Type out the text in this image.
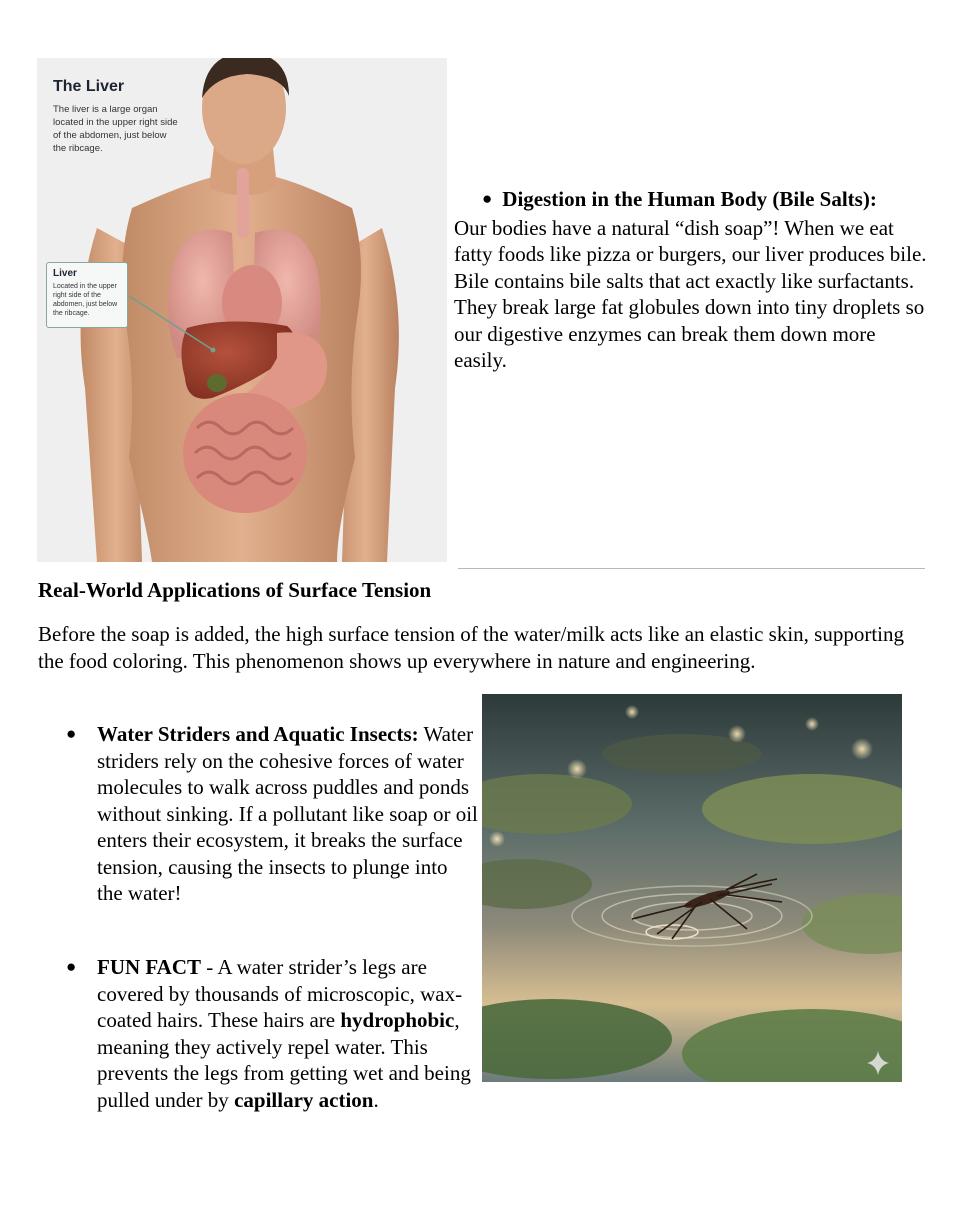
The Liver
The liver is a large organ located in the upper right side of the abdomen, just below the ribcage.
Liver
Located in the upper right side of the abdomen, just below the ribcage.
● Digestion in the Human Body (Bile Salts):
Our bodies have a natural “dish soap”! When we eat fatty foods like pizza or burgers, our liver produces bile. Bile contains bile salts that act exactly like surfactants. They break large fat globules down into tiny droplets so our digestive enzymes can break them down more easily.
Real-World Applications of Surface Tension
Before the soap is added, the high surface tension of the water/milk acts like an elastic skin, supporting the food coloring. This phenomenon shows up everywhere in nature and engineering.
● Water Striders and Aquatic Insects: Water striders rely on the cohesive forces of water molecules to walk across puddles and ponds without sinking. If a pollutant like soap or oil enters their ecosystem, it breaks the surface tension, causing the insects to plunge into the water!
● FUN FACT - A water strider’s legs are covered by thousands of microscopic, wax-coated hairs. These hairs are hydrophobic, meaning they actively repel water. This prevents the legs from getting wet and being pulled under by capillary action.
